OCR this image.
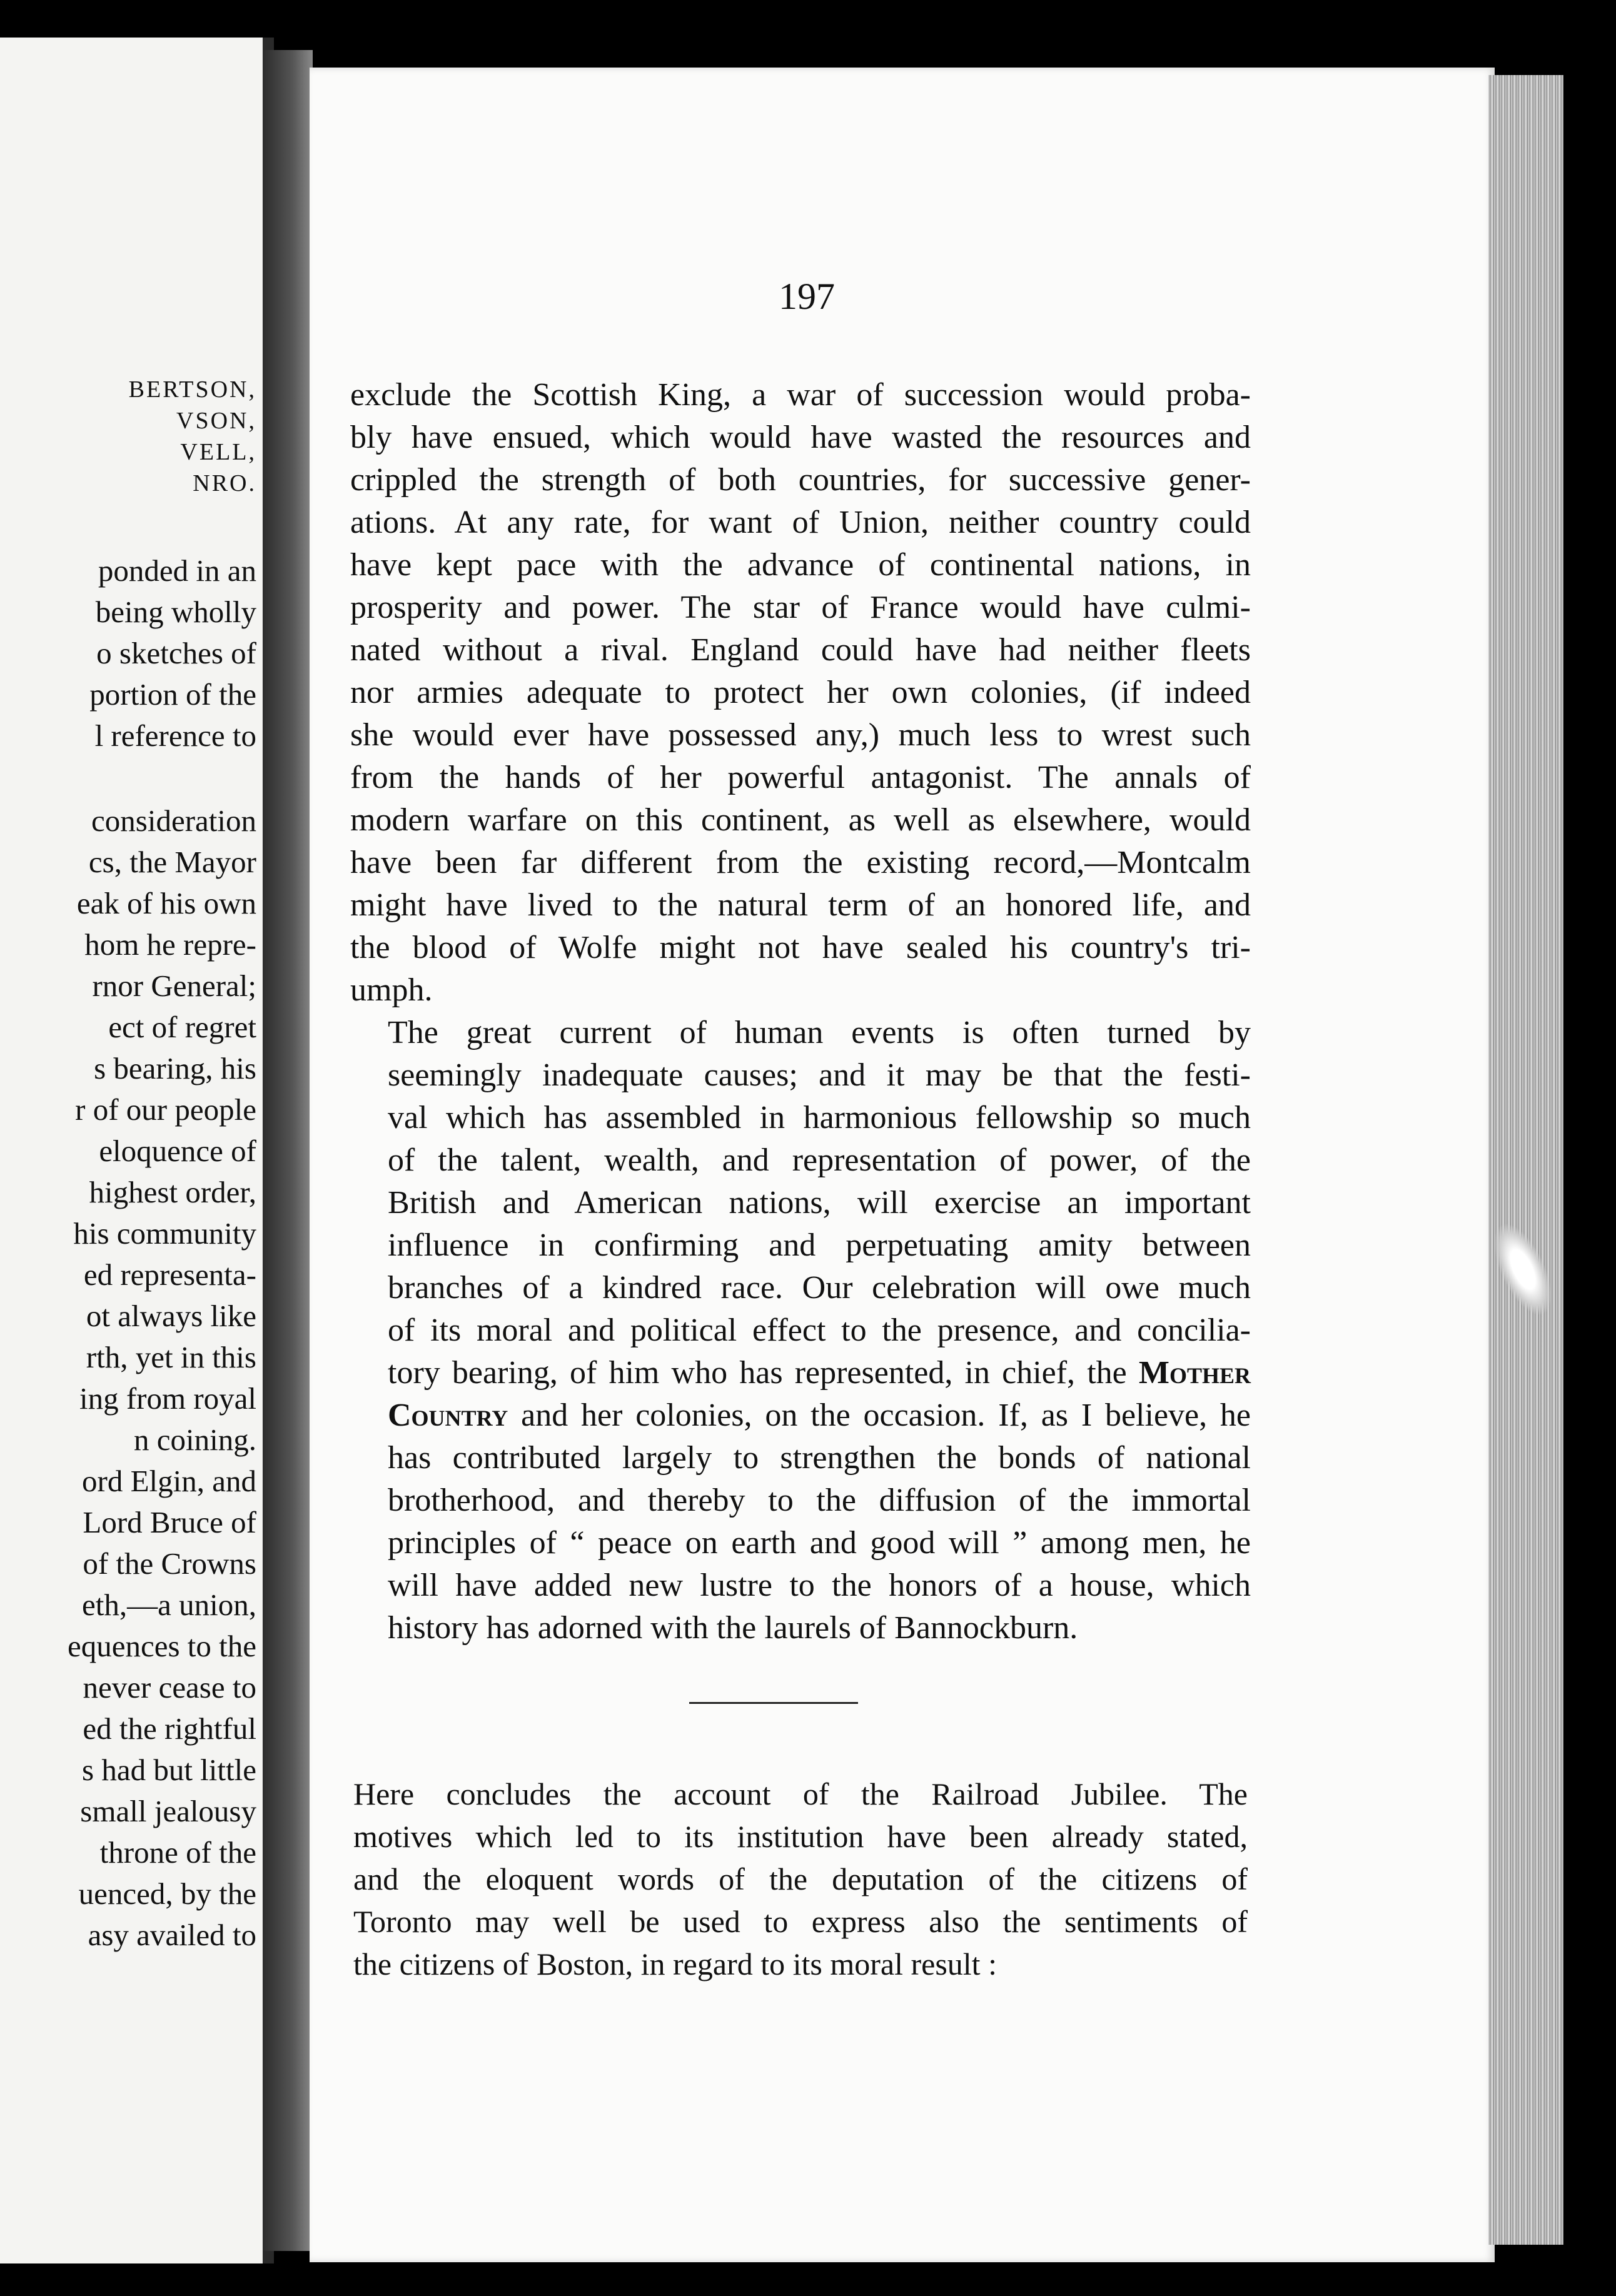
BERTSON,
VSON,
VELL,
NRO.
ponded in an
being wholly
o sketches of
portion of the
l reference to
consideration
cs, the Mayor
eak of his own
hom he repre-
rnor General;
ect of regret
s bearing, his
r of our people
eloquence of
highest order,
his community
ed representa-
ot always like
rth, yet in this
ing from royal
n coining.
ord Elgin, and
Lord Bruce of
of the Crowns
eth,—a union,
equences to the
never cease to
ed the rightful
s had but little
small jealousy
throne of the
uenced, by the
asy availed to
197

exclude the Scottish King, a war of succession would proba-
bly have ensued, which would have wasted the resources and
crippled the strength of both countries, for successive gener-
ations. At any rate, for want of Union, neither country could
have kept pace with the advance of continental nations, in
prosperity and power. The star of France would have culmi-
nated without a rival. England could have had neither fleets
nor armies adequate to protect her own colonies, (if indeed
she would ever have possessed any,) much less to wrest such
from the hands of her powerful antagonist. The annals of
modern warfare on this continent, as well as elsewhere, would
have been far different from the existing record,—Montcalm
might have lived to the natural term of an honored life, and
the blood of Wolfe might not have sealed his country's tri-
umph.

The great current of human events is often turned by
seemingly inadequate causes; and it may be that the festi-
val which has assembled in harmonious fellowship so much
of the talent, wealth, and representation of power, of the
British and American nations, will exercise an important
influence in confirming and perpetuating amity between
branches of a kindred race. Our celebration will owe much
of its moral and political effect to the presence, and concilia-
tory bearing, of him who has represented, in chief, the Mother
Country and her colonies, on the occasion. If, as I believe, he
has contributed largely to strengthen the bonds of national
brotherhood, and thereby to the diffusion of the immortal
principles of “ peace on earth and good will ” among men, he
will have added new lustre to the honors of a house, which
history has adorned with the laurels of Bannockburn.

Here concludes the account of the Railroad Jubilee. The
motives which led to its institution have been already stated,
and the eloquent words of the deputation of the citizens of
Toronto may well be used to express also the sentiments of
the citizens of Boston, in regard to its moral result :
